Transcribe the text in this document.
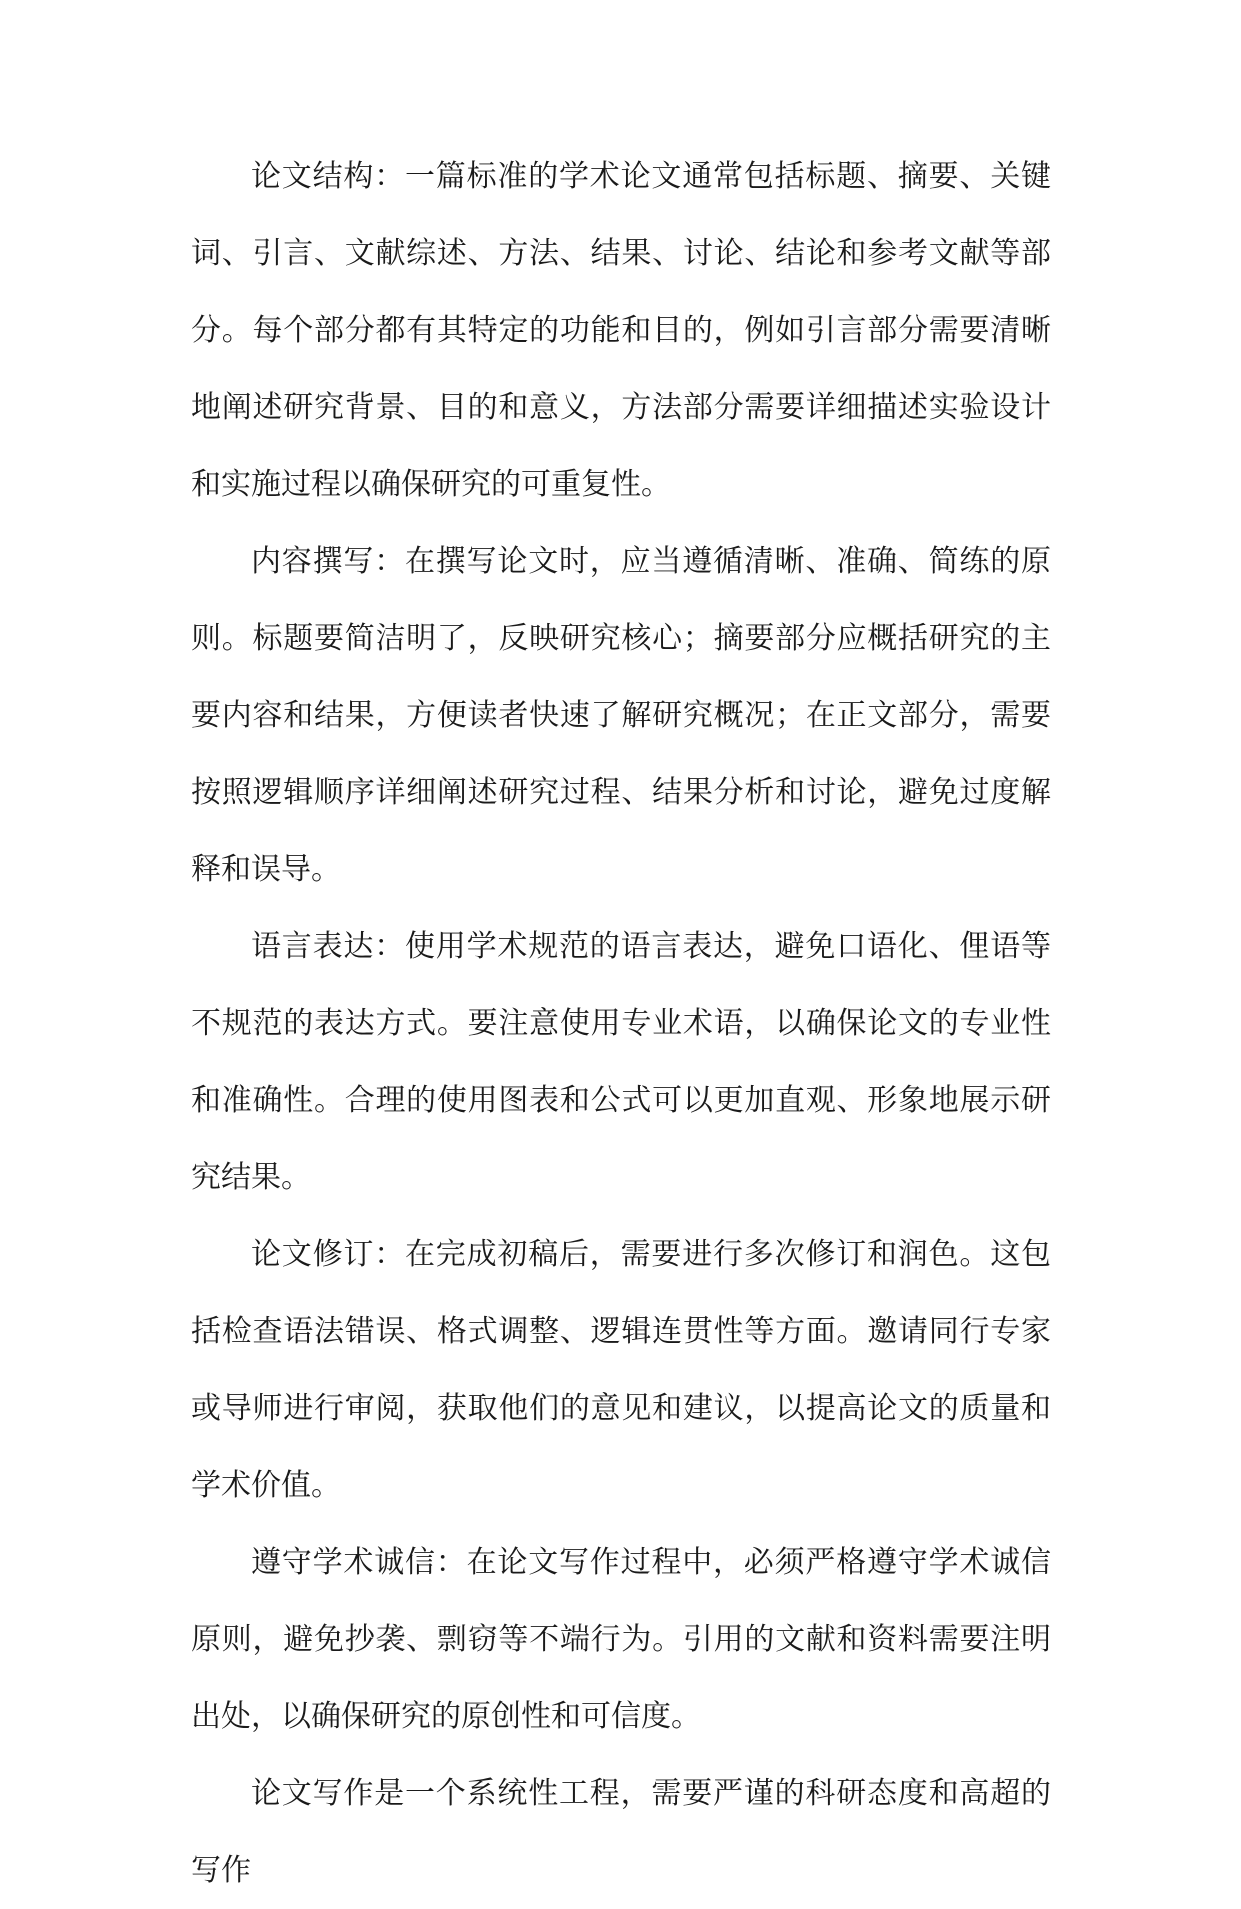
论文结构：一篇标准的学术论文通常包括标题、摘要、关键词、引言、文献综述、方法、结果、讨论、结论和参考文献等部分。每个部分都有其特定的功能和目的，例如引言部分需要清晰地阐述研究背景、目的和意义，方法部分需要详细描述实验设计和实施过程以确保研究的可重复性。

内容撰写：在撰写论文时，应当遵循清晰、准确、简练的原则。标题要简洁明了，反映研究核心；摘要部分应概括研究的主要内容和结果，方便读者快速了解研究概况；在正文部分，需要按照逻辑顺序详细阐述研究过程、结果分析和讨论，避免过度解释和误导。

语言表达：使用学术规范的语言表达，避免口语化、俚语等不规范的表达方式。要注意使用专业术语，以确保论文的专业性和准确性。合理的使用图表和公式可以更加直观、形象地展示研究结果。

论文修订：在完成初稿后，需要进行多次修订和润色。这包括检查语法错误、格式调整、逻辑连贯性等方面。邀请同行专家或导师进行审阅，获取他们的意见和建议，以提高论文的质量和学术价值。

遵守学术诚信：在论文写作过程中，必须严格遵守学术诚信原则，避免抄袭、剽窃等不端行为。引用的文献和资料需要注明出处，以确保研究的原创性和可信度。

论文写作是一个系统性工程，需要严谨的科研态度和高超的写作
